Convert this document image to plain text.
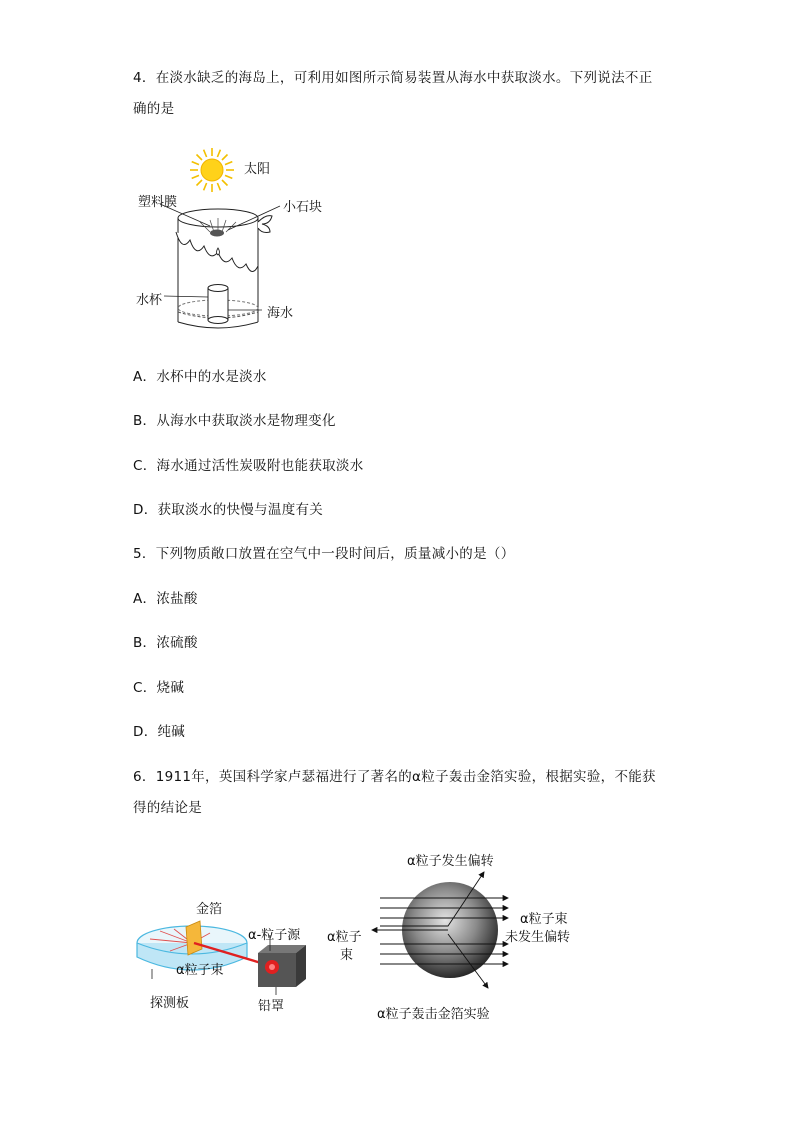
4．在淡水缺乏的海岛上，可利用如图所示简易装置从海水中获取淡水。下列说法不正
确的是
太阳
塑料膜	小石块
水杯
海水
A．水杯中的水是淡水
B．从海水中获取淡水是物理变化
C．海水通过活性炭吸附也能获取淡水
D．获取淡水的快慢与温度有关
5．下列物质敞口放置在空气中一段时间后，质量减小的是（）
A．浓盐酸
B．浓硫酸
C．烧碱
D．纯碱
6．1911年，英国科学家卢瑟福进行了著名的α粒子轰击金箔实验，根据实验，不能获
得的结论是
金箔
α-粒子源
α粒子束
探测板	铅罩
α粒子发生偏转
α粒子
束
α粒子束
未发生偏转
α粒子轰击金箔实验
